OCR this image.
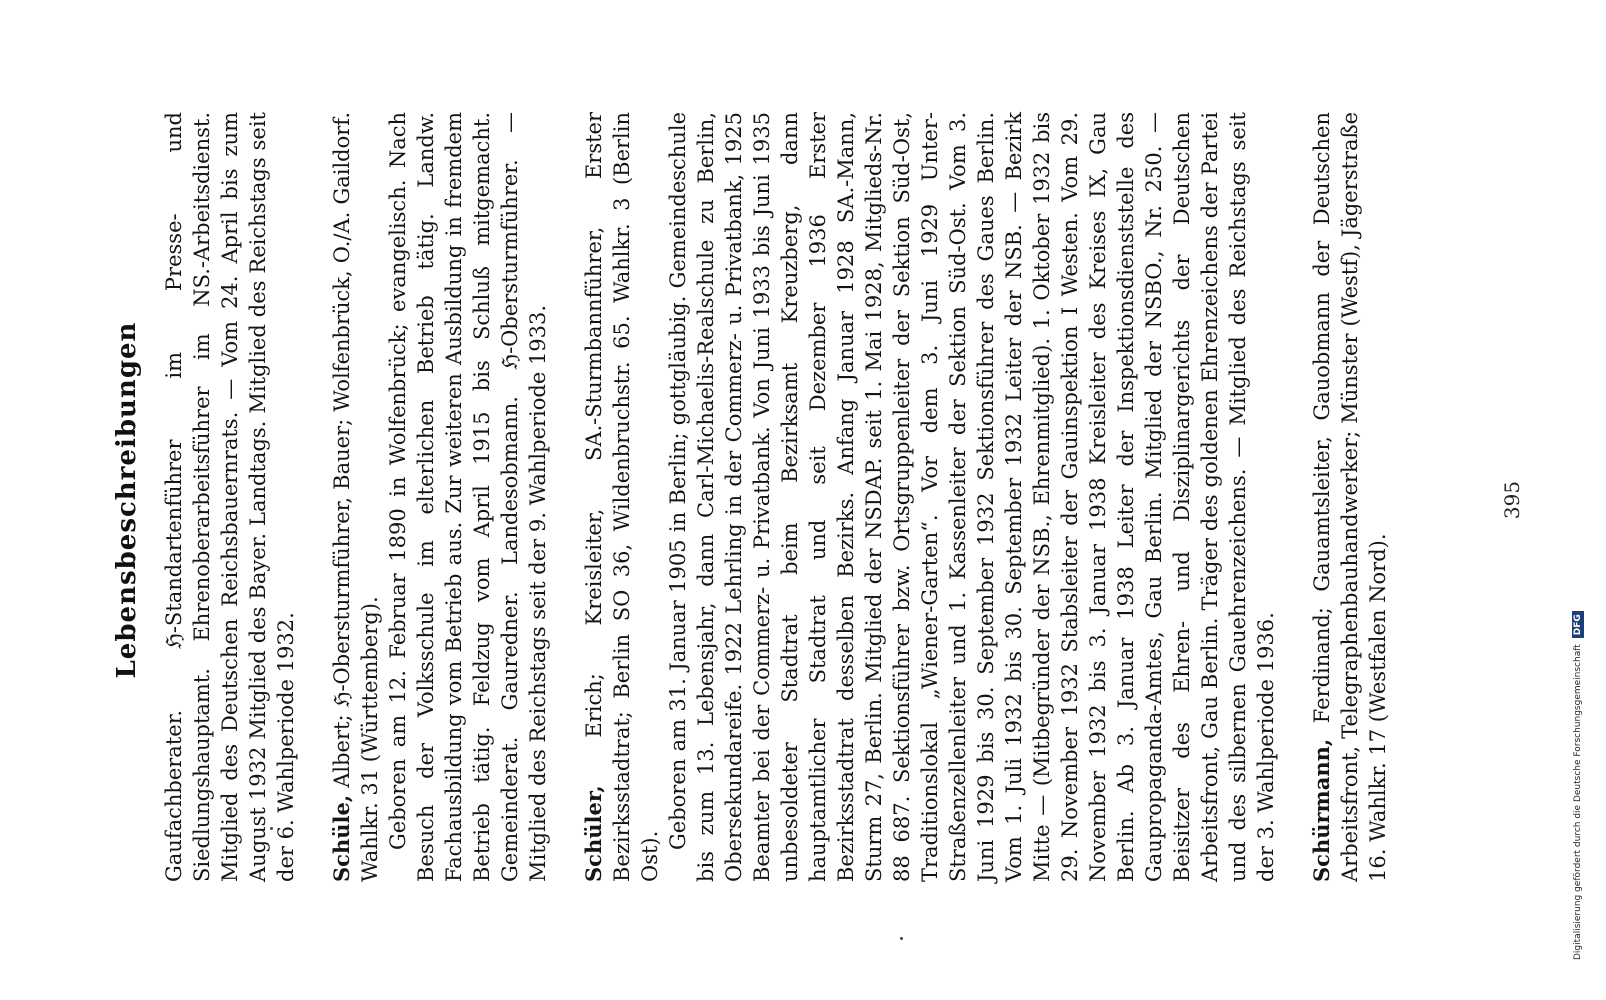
Lebensbeschreibungen Gaufachberater. ℌ-Standartenführer im Presse- und Siedlungshauptamt. Ehrenoberarbeitsführer im NS.-Arbeitsdienst. Mitglied des Deutschen Reichsbauernrats. — Vom 24. April bis zum August 1932 Mitglied des Bayer. Landtags. Mitglied des Reichstags seit der 6. Wahlperiode 1932. Schüle, Albert; ℌ-Obersturmführer, Bauer; Wolfenbrück, O./A. Gaildorf. Wahlkr. 31 (Württemberg). Geboren am 12. Februar 1890 in Wolfenbrück; evangelisch. Nach Besuch der Volksschule im elterlichen Betrieb tätig. Landw. Fachausbildung vom Betrieb aus. Zur weiteren Ausbildung in fremdem Betrieb tätig. Feldzug vom April 1915 bis Schluß mitgemacht. Gemeinderat. Gauredner. Landesobmann. ℌ-Obersturmführer. — Mitglied des Reichstags seit der 9. Wahlperiode 1933. Schüler, Erich; Kreisleiter, SA.-Sturmbannführer, Erster Bezirksstadtrat; Berlin SO 36, Wildenbruchstr. 65. Wahlkr. 3 (Berlin Ost).

Geboren am 31. Januar 1905 in Berlin; gottgläubig. Gemeindeschule bis zum 13. Lebensjahr, dann Carl-Michaelis-Realschule zu Berlin, Obersekundareife. 1922 Lehrling in der Commerz- u. Privatbank, 1925 Beamter bei der Commerz- u. Privatbank. Von Juni 1933 bis Juni 1935 unbesoldeter Stadtrat beim Bezirksamt Kreuzberg, dann hauptamtlicher Stadtrat und seit Dezember 1936 Erster Bezirksstadtrat desselben Bezirks. Anfang Januar 1928 SA.-Mann, Sturm 27, Berlin. Mitglied der NSDAP. seit 1. Mai 1928, Mitglieds-Nr. 88 687. Sektionsführer bzw. Ortsgruppenleiter der Sektion Süd-Ost, Traditionslokal „Wiener-Garten“. Vor dem 3. Juni 1929 Unter-Straßenzellenleiter und 1. Kassenleiter der Sektion Süd-Ost. Vom 3. Juni 1929 bis 30. September 1932 Sektionsführer des Gaues Berlin. Vom 1. Juli 1932 bis 30. September 1932 Leiter der NSB. — Bezirk Mitte — (Mitbegründer der NSB., Ehrenmitglied). 1. Oktober 1932 bis 29. November 1932 Stabsleiter der Gauinspektion I Westen. Vom 29. November 1932 bis 3. Januar 1938 Kreisleiter des Kreises IX, Gau Berlin. Ab 3. Januar 1938 Leiter der Inspektionsdienststelle des Gaupropaganda-Amtes, Gau Berlin. Mitglied der NSBO., Nr. 250. — Beisitzer des Ehren- und Disziplinargerichts der Deutschen Arbeitsfront, Gau Berlin. Träger des goldenen Ehrenzeichens der Partei und des silbernen Gauehrenzeichens. — Mitglied des Reichstags seit der 3. Wahlperiode 1936. Schürmann, Ferdinand; Gauamtsleiter, Gauobmann der Deutschen Arbeitsfront, Telegraphenbauhandwerker; Münster (Westf), Jägerstraße 16. Wahlkr. 17 (Westfalen Nord).

395
Digitalisierung gefördert durch die Deutsche Forschungsgemeinschaft
DFG
